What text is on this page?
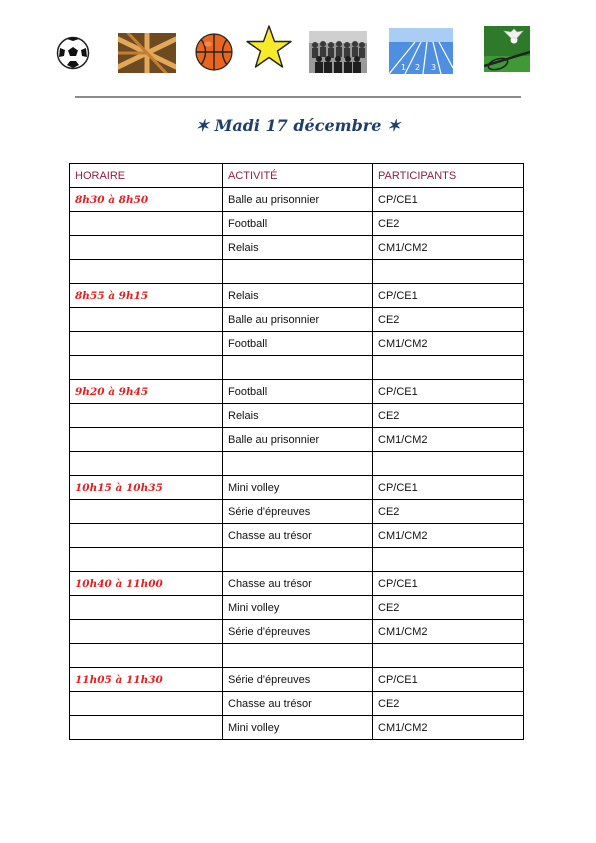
1 2 3
✶ Madi 17 décembre ✶
HORAIRE	ACTIVITÉ	PARTICIPANTS
8h30 à 8h50	Balle au prisonnier	CP/CE1
	Football	CE2
	Relais	CM1/CM2

8h55 à 9h15	Relais	CP/CE1
	Balle au prisonnier	CE2
	Football	CM1/CM2

9h20 à 9h45	Football	CP/CE1
	Relais	CE2
	Balle au prisonnier	CM1/CM2

10h15 à 10h35	Mini volley	CP/CE1
	Série d'épreuves	CE2
	Chasse au trésor	CM1/CM2

10h40 à 11h00	Chasse au trésor	CP/CE1
	Mini volley	CE2
	Série d'épreuves	CM1/CM2

11h05 à 11h30	Série d'épreuves	CP/CE1
	Chasse au trésor	CE2
	Mini volley	CM1/CM2
